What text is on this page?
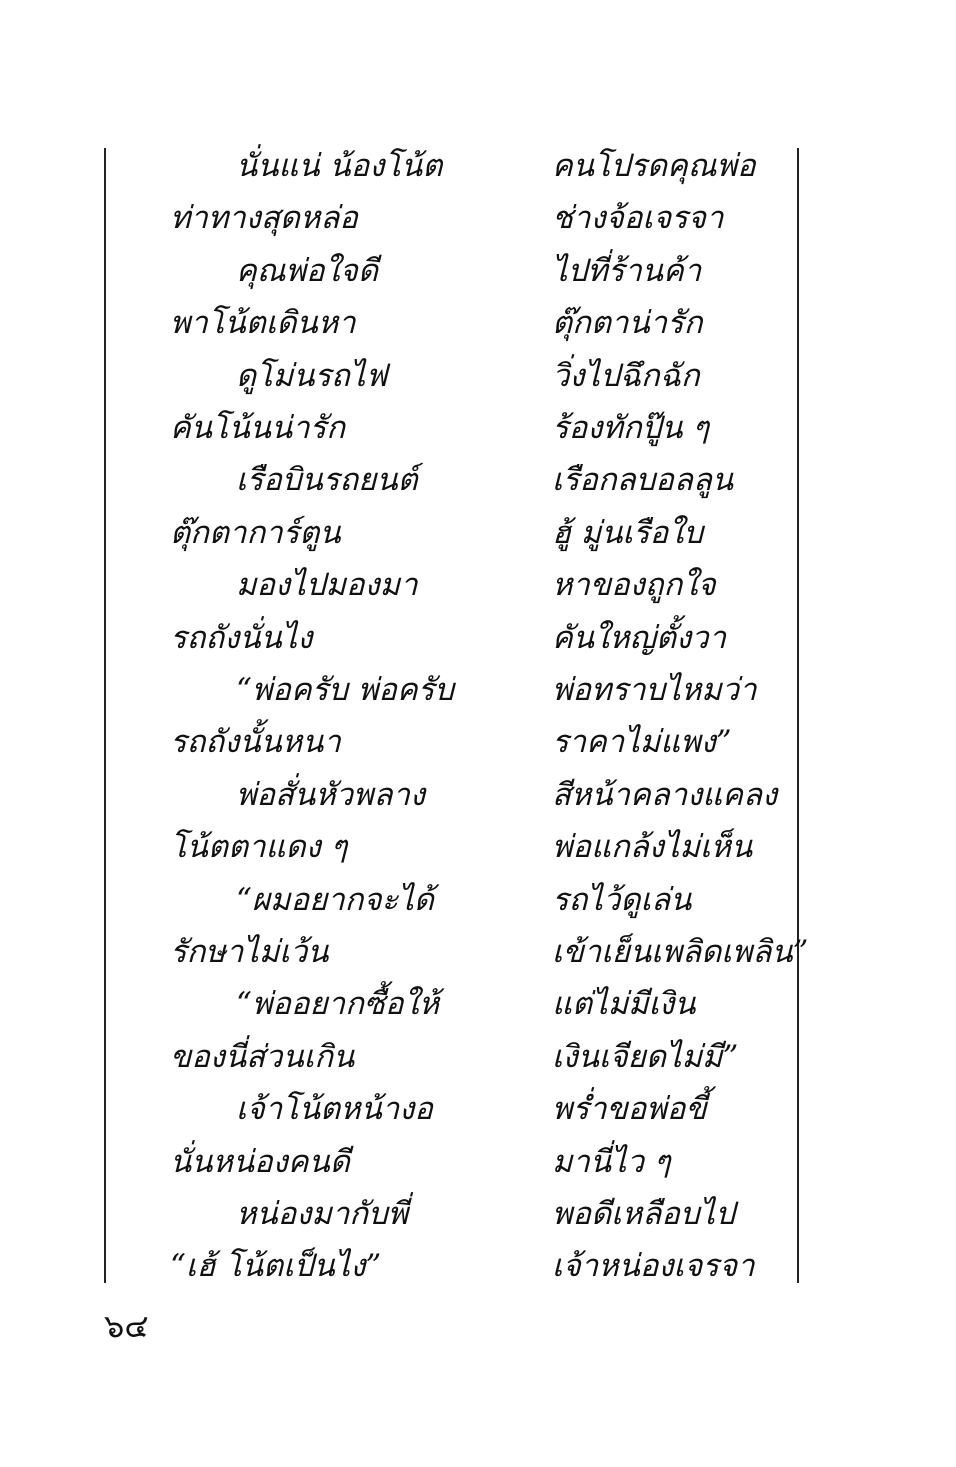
นั่นแน่ น้องโน้ต	คนโปรดคุณพ่อ
ท่าทางสุดหล่อ	ช่างจ้อเจรจา
คุณพ่อใจดี	ไปที่ร้านค้า
พาโน้ตเดินหา	ตุ๊กตาน่ารัก
ดูโม่นรถไฟ	วิ่งไปฉึกฉัก
คันโน้นน่ารัก	ร้องทักปู๊น ๆ
เรือบินรถยนต์	เรือกลบอลลูน
ตุ๊กตาการ์ตูน	ฮู้ มู่นเรือใบ
มองไปมองมา	หาของถูกใจ
รถถังนั่นไง	คันใหญ่ตั้งวา
“พ่อครับ พ่อครับ	พ่อทราบไหมว่า
รถถังนั้นหนา	ราคาไม่แพง”
พ่อสั่นหัวพลาง	สีหน้าคลางแคลง
โน้ตตาแดง ๆ	พ่อแกล้งไม่เห็น
“ผมอยากจะได้	รถไว้ดูเล่น
รักษาไม่เว้น	เข้าเย็นเพลิดเพลิน”
“พ่ออยากซื้อให้	แต่ไม่มีเงิน
ของนี่ส่วนเกิน	เงินเจียดไม่มี”
เจ้าโน้ตหน้างอ	พร่ำขอพ่อขี้
นั่นหน่องคนดี	มานี่ไว ๆ
หน่องมากับพี่	พอดีเหลือบไป
“เฮ้ โน้ตเป็นไง”	เจ้าหน่องเจรจา
๖๔
